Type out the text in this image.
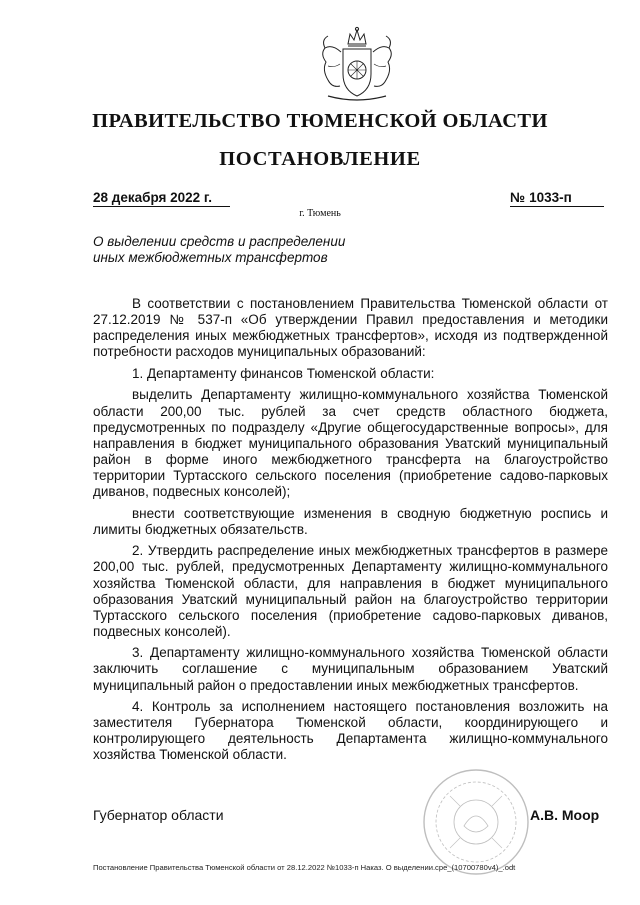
ПРАВИТЕЛЬСТВО ТЮМЕНСКОЙ ОБЛАСТИ
ПОСТАНОВЛЕНИЕ
28 декабря 2022 г.	№ 1033-п
г. Тюмень
О выделении средств и распределении
иных межбюджетных трансфертов

В соответствии с постановлением Правительства Тюменской области от 27.12.2019 № 537-п «Об утверждении Правил предоставления и методики распределения иных межбюджетных трансфертов», исходя из подтвержденной потребности расходов муниципальных образований:

1. Департаменту финансов Тюменской области:

выделить Департаменту жилищно-коммунального хозяйства Тюменской области 200,00 тыс. рублей за счет средств областного бюджета, предусмотренных по подразделу «Другие общегосударственные вопросы», для направления в бюджет муниципального образования Уватский муниципальный район в форме иного межбюджетного трансферта на благоустройство территории Туртасского сельского поселения (приобретение садово-парковых диванов, подвесных консолей);

внести соответствующие изменения в сводную бюджетную роспись и лимиты бюджетных обязательств.

2. Утвердить распределение иных межбюджетных трансфертов в размере 200,00 тыс. рублей, предусмотренных Департаменту жилищно-коммунального хозяйства Тюменской области, для направления в бюджет муниципального образования Уватский муниципальный район на благоустройство территории Туртасского сельского поселения (приобретение садово-парковых диванов, подвесных консолей).

3. Департаменту жилищно-коммунального хозяйства Тюменской области заключить соглашение с муниципальным образованием Уватский муниципальный район о предоставлении иных межбюджетных трансфертов.

4. Контроль за исполнением настоящего постановления возложить на заместителя Губернатора Тюменской области, координирующего и контролирующего деятельность Департамента жилищно-коммунального хозяйства Тюменской области.

Губернатор области	А.В. Моор
Постановление Правительства Тюменской области от 28.12.2022 №1033-п Наказ. О выделении.сре_(10700780v4)_.odt
